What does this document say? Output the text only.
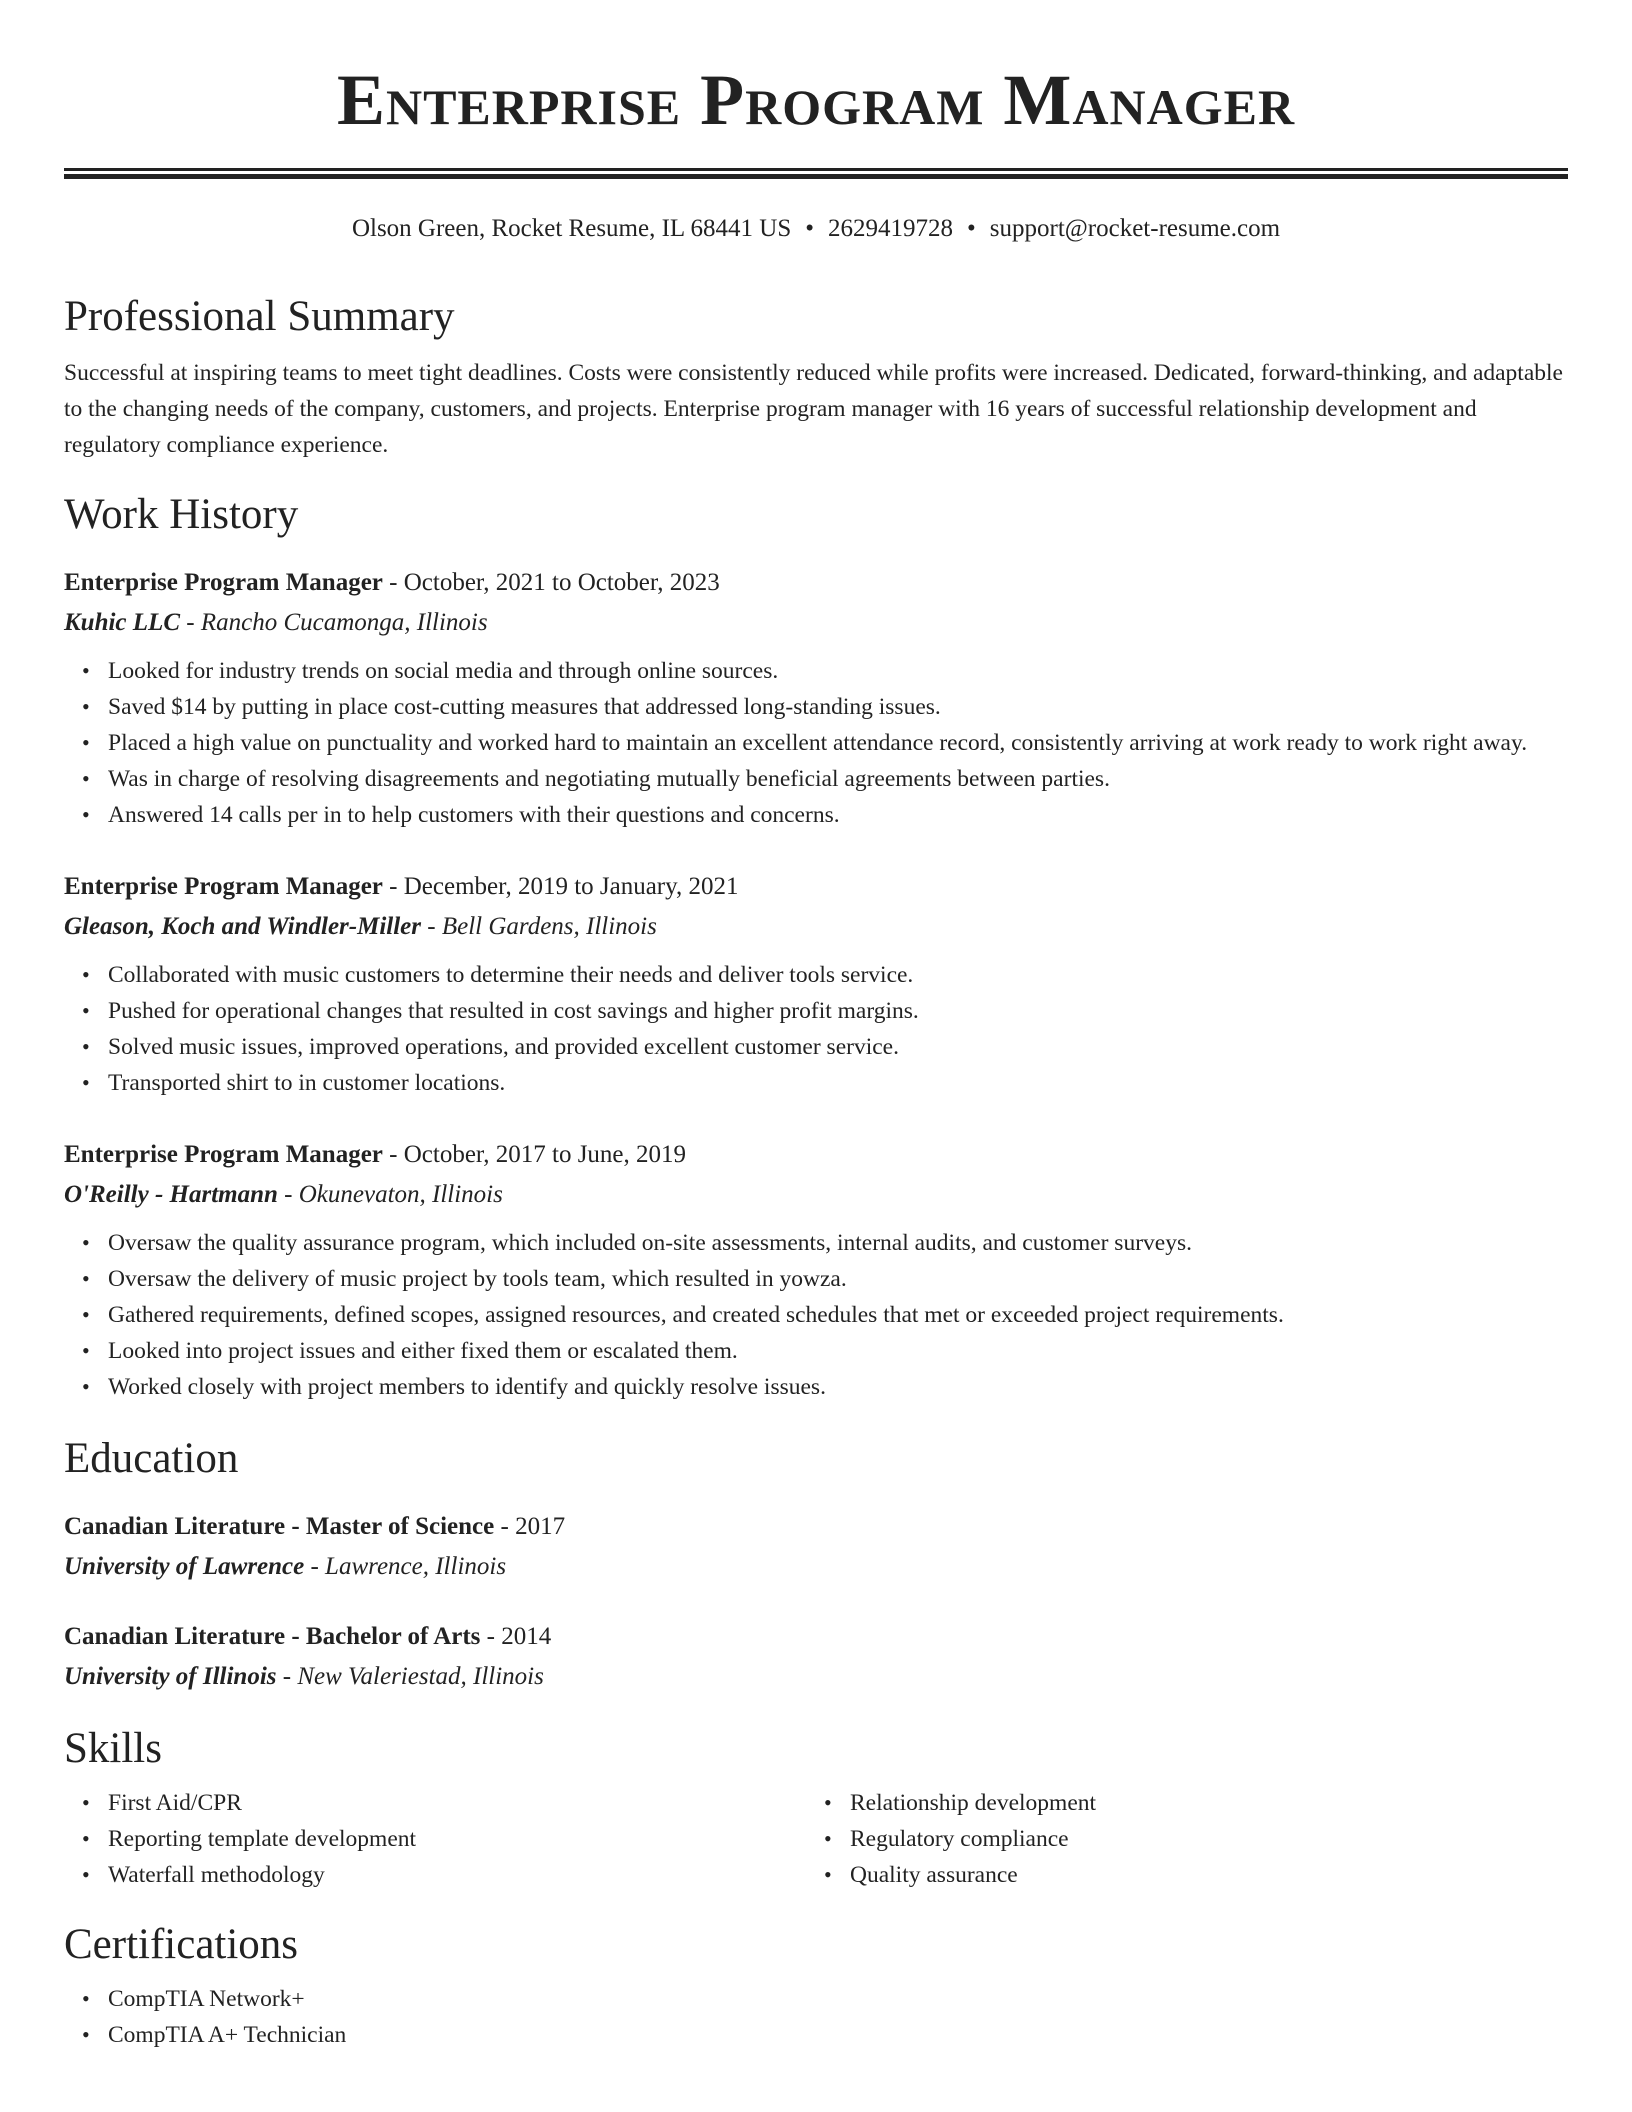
Enterprise Program Manager
Olson Green, Rocket Resume, IL 68441 US • 2629419728 • support@rocket-resume.com
Professional Summary

Successful at inspiring teams to meet tight deadlines. Costs were consistently reduced while profits were increased. Dedicated, forward-thinking, and adaptable to the changing needs of the company, customers, and projects. Enterprise program manager with 16 years of successful relationship development and regulatory compliance experience.

Work History
Enterprise Program Manager - October, 2021 to October, 2023
Kuhic LLC - Rancho Cucamonga, Illinois
• Looked for industry trends on social media and through online sources.
• Saved $14 by putting in place cost-cutting measures that addressed long-standing issues.
• Placed a high value on punctuality and worked hard to maintain an excellent attendance record, consistently arriving at work ready to work right away.
• Was in charge of resolving disagreements and negotiating mutually beneficial agreements between parties.
• Answered 14 calls per in to help customers with their questions and concerns.
Enterprise Program Manager - December, 2019 to January, 2021
Gleason, Koch and Windler-Miller - Bell Gardens, Illinois
• Collaborated with music customers to determine their needs and deliver tools service.
• Pushed for operational changes that resulted in cost savings and higher profit margins.
• Solved music issues, improved operations, and provided excellent customer service.
• Transported shirt to in customer locations.
Enterprise Program Manager - October, 2017 to June, 2019
O'Reilly - Hartmann - Okunevaton, Illinois
• Oversaw the quality assurance program, which included on-site assessments, internal audits, and customer surveys.
• Oversaw the delivery of music project by tools team, which resulted in yowza.
• Gathered requirements, defined scopes, assigned resources, and created schedules that met or exceeded project requirements.
• Looked into project issues and either fixed them or escalated them.
• Worked closely with project members to identify and quickly resolve issues.
Education
Canadian Literature - Master of Science - 2017
University of Lawrence - Lawrence, Illinois
Canadian Literature - Bachelor of Arts - 2014
University of Illinois - New Valeriestad, Illinois
Skills
• First Aid/CPR
• Reporting template development
• Waterfall methodology
• Relationship development
• Regulatory compliance
• Quality assurance
Certifications
• CompTIA Network+
• CompTIA A+ Technician
